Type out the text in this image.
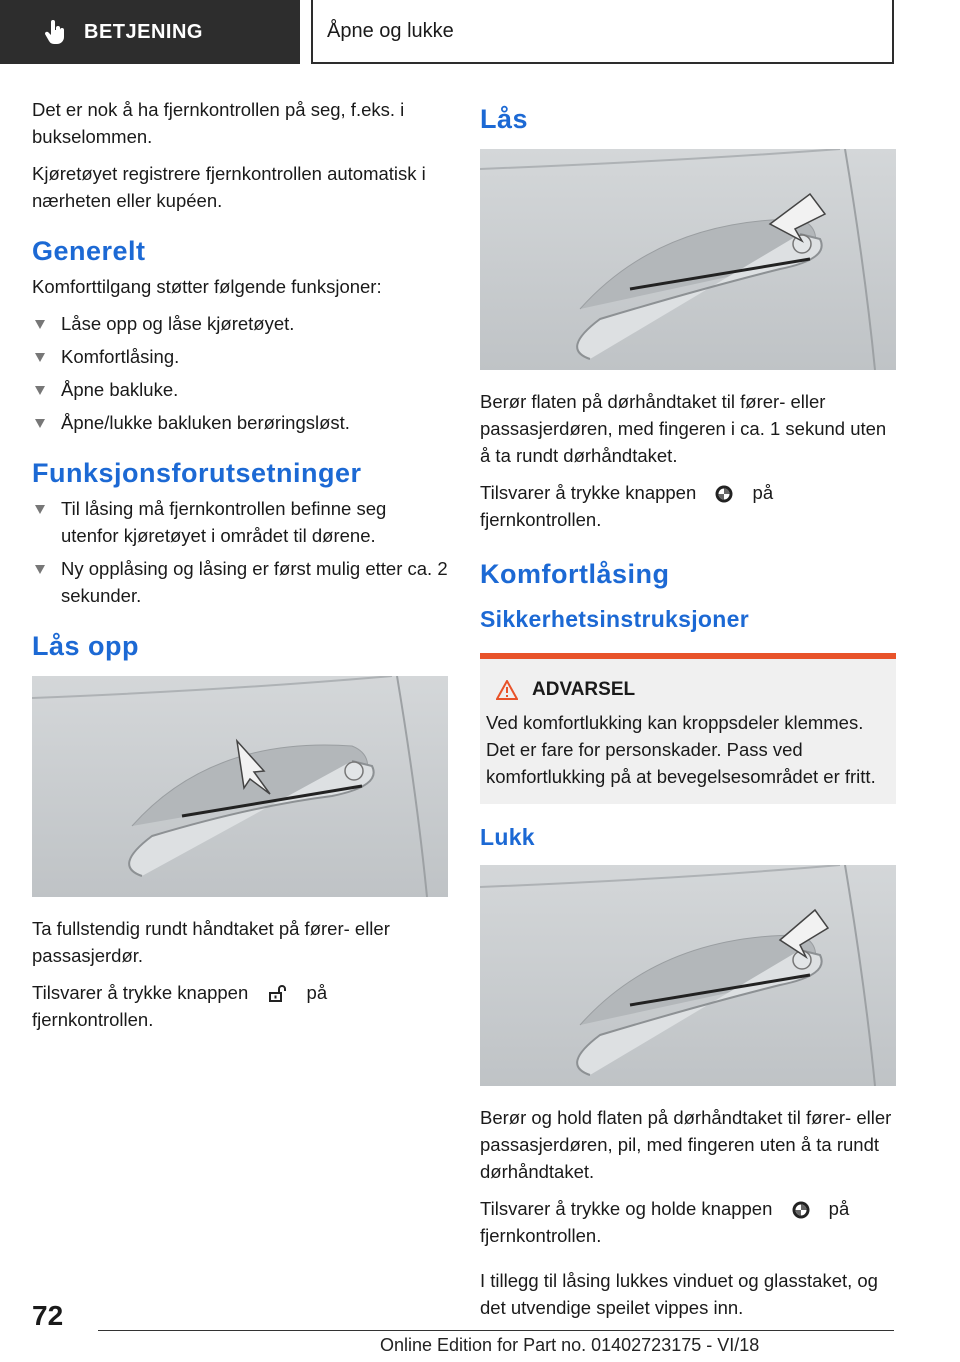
BETJENING	Åpne og lukke

Det er nok å ha fjernkontrollen på seg, f.eks. i bukselommen.

Kjøretøyet registrere fjernkontrollen automatisk i nærheten eller kupéen.

Generelt

Komforttilgang støtter følgende funksjoner:

Låse opp og låse kjøretøyet.
Komfortlåsing.
Åpne bakluke.
Åpne/lukke bakluken berøringsløst.
Funksjonsforutsetninger
Til låsing må fjernkontrollen befinne seg utenfor kjøretøyet i området til dørene.
Ny opplåsing og låsing er først mulig etter ca. 2 sekunder.
Lås opp

Ta fullstendig rundt håndtaket på fører- eller passasjerdør.

Tilsvarer å trykke knappen	på fjernkontrollen.

Lås

Berør flaten på dørhåndtaket til fører- eller passasjerdøren, med fingeren i ca. 1 sekund uten å ta rundt dørhåndtaket.

Tilsvarer å trykke knappen	på fjernkontrollen.

Komfortlåsing
Sikkerhetsinstruksjoner
ADVARSEL

Ved komfortlukking kan kroppsdeler klemmes. Det er fare for personskader. Pass ved komfortlukking på at bevegelsesområdet er fritt.

Lukk

Berør og hold flaten på dørhåndtaket til fører- eller passasjerdøren, pil, med fingeren uten å ta rundt dørhåndtaket.

Tilsvarer å trykke og holde knappen	på fjernkontrollen.

I tillegg til låsing lukkes vinduet og glasstaket, og det utvendige speilet vippes inn.

72
Online Edition for Part no. 01402723175 - VI/18
